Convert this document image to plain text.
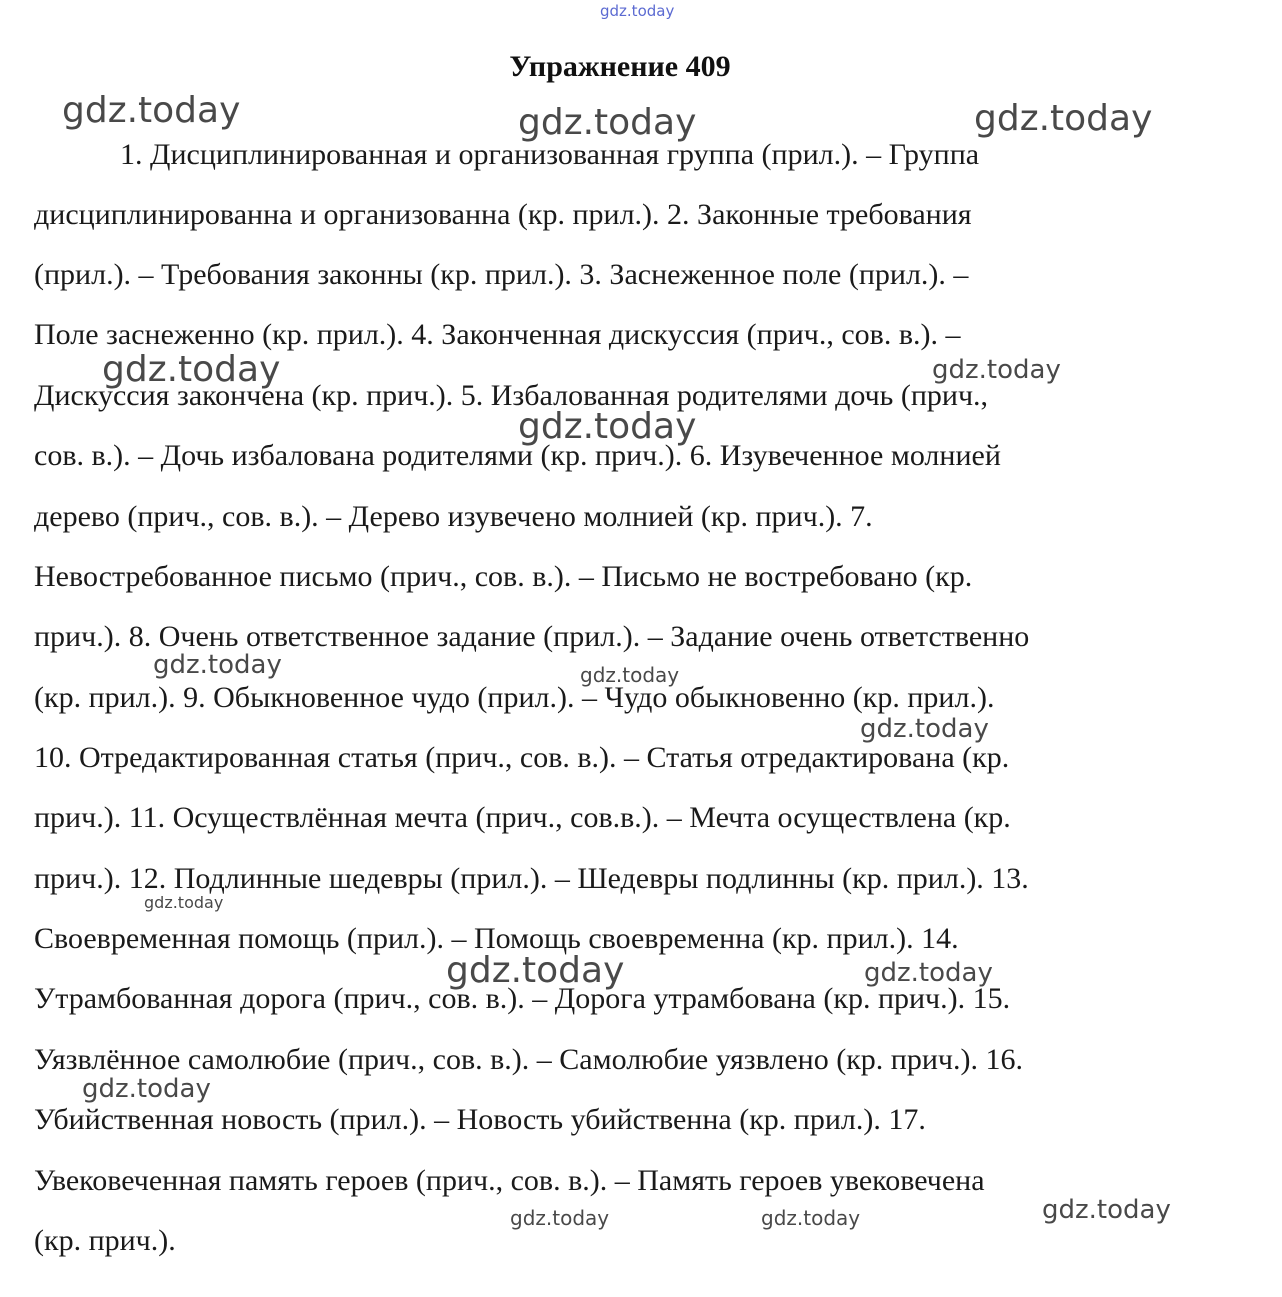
gdz.today
Упражнение 409
1. Дисциплинированная и организованная группа (прил.). – Группа
дисциплинированна и организованна (кр. прил.). 2. Законные требования
(прил.). – Требования законны (кр. прил.). 3. Заснеженное поле (прил.). –
Поле заснеженно (кр. прил.). 4. Законченная дискуссия (прич., сов. в.). –
Дискуссия закончена (кр. прич.). 5. Избалованная родителями дочь (прич.,
сов. в.). – Дочь избалована родителями (кр. прич.). 6. Изувеченное молнией
дерево (прич., сов. в.). – Дерево изувечено молнией (кр. прич.). 7.
Невостребованное письмо (прич., сов. в.). – Письмо не востребовано (кр.
прич.). 8. Очень ответственное задание (прил.). – Задание очень ответственно
(кр. прил.). 9. Обыкновенное чудо (прил.). – Чудо обыкновенно (кр. прил.).
10. Отредактированная статья (прич., сов. в.). – Статья отредактирована (кр.
прич.). 11. Осуществлённая мечта (прич., сов.в.). – Мечта осуществлена (кр.
прич.). 12. Подлинные шедевры (прил.). – Шедевры подлинны (кр. прил.). 13.
Своевременная помощь (прил.). – Помощь своевременна (кр. прил.). 14.
Утрамбованная дорога (прич., сов. в.). – Дорога утрамбована (кр. прич.). 15.
Уязвлённое самолюбие (прич., сов. в.). – Самолюбие уязвлено (кр. прич.). 16.
Убийственная новость (прил.). – Новость убийственна (кр. прил.). 17.
Увековеченная память героев (прич., сов. в.). – Память героев увековечена
(кр. прич.).
gdz.today	gdz.today	gdz.today
gdz.today	gdz.today
gdz.today
gdz.today	gdz.today
gdz.today
gdz.today
gdz.today	gdz.today
gdz.today
gdz.today	gdz.today	gdz.today
